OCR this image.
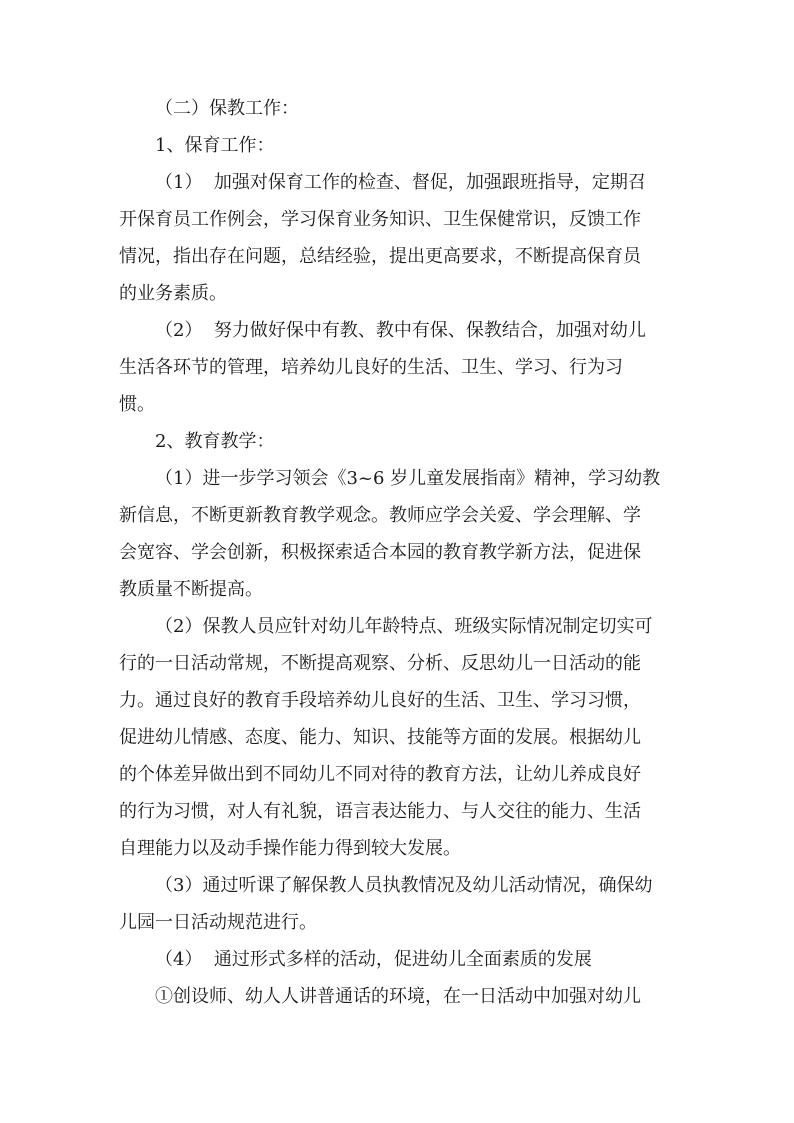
（二）保教工作：
1、保育工作：
（1）  加强对保育工作的检查、督促，加强跟班指导，定期召
开保育员工作例会，学习保育业务知识、卫生保健常识，反馈工作
情况，指出存在问题，总结经验，提出更高要求，不断提高保育员
的业务素质。
（2）  努力做好保中有教、教中有保、保教结合，加强对幼儿
生活各环节的管理，培养幼儿良好的生活、卫生、学习、行为习
惯。
2、教育教学：
（1）进一步学习领会《3~6 岁儿童发展指南》精神，学习幼教
新信息，不断更新教育教学观念。教师应学会关爱、学会理解、学
会宽容、学会创新，积极探索适合本园的教育教学新方法，促进保
教质量不断提高。
（2）保教人员应针对幼儿年龄特点、班级实际情况制定切实可
行的一日活动常规，不断提高观察、分析、反思幼儿一日活动的能
力。通过良好的教育手段培养幼儿良好的生活、卫生、学习习惯，
促进幼儿情感、态度、能力、知识、技能等方面的发展。根据幼儿
的个体差异做出到不同幼儿不同对待的教育方法，让幼儿养成良好
的行为习惯，对人有礼貌，语言表达能力、与人交往的能力、生活
自理能力以及动手操作能力得到较大发展。
（3）通过听课了解保教人员执教情况及幼儿活动情况，确保幼
儿园一日活动规范进行。
（4）  通过形式多样的活动，促进幼儿全面素质的发展
①创设师、幼人人讲普通话的环境，在一日活动中加强对幼儿
